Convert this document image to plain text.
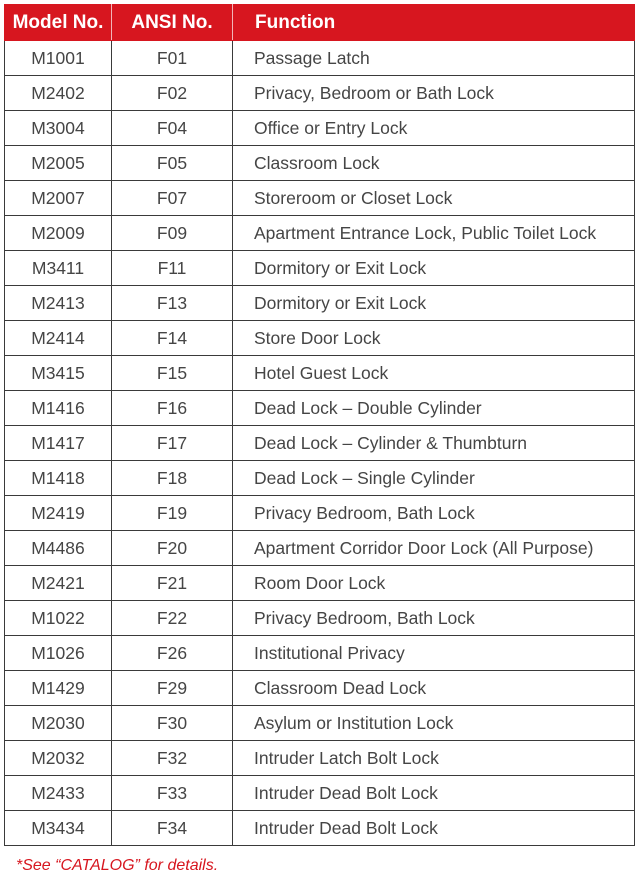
Model No.	ANSI No.	Function
M1001	F01	Passage Latch
M2402	F02	Privacy, Bedroom or Bath Lock
M3004	F04	Office or Entry Lock
M2005	F05	Classroom Lock
M2007	F07	Storeroom or Closet Lock
M2009	F09	Apartment Entrance Lock, Public Toilet Lock
M3411	F11	Dormitory or Exit Lock
M2413	F13	Dormitory or Exit Lock
M2414	F14	Store Door Lock
M3415	F15	Hotel Guest Lock
M1416	F16	Dead Lock – Double Cylinder
M1417	F17	Dead Lock – Cylinder & Thumbturn
M1418	F18	Dead Lock – Single Cylinder
M2419	F19	Privacy Bedroom, Bath Lock
M4486	F20	Apartment Corridor Door Lock (All Purpose)
M2421	F21	Room Door Lock
M1022	F22	Privacy Bedroom, Bath Lock
M1026	F26	Institutional Privacy
M1429	F29	Classroom Dead Lock
M2030	F30	Asylum or Institution Lock
M2032	F32	Intruder Latch Bolt Lock
M2433	F33	Intruder Dead Bolt Lock
M3434	F34	Intruder Dead Bolt Lock
*See “CATALOG” for details.
